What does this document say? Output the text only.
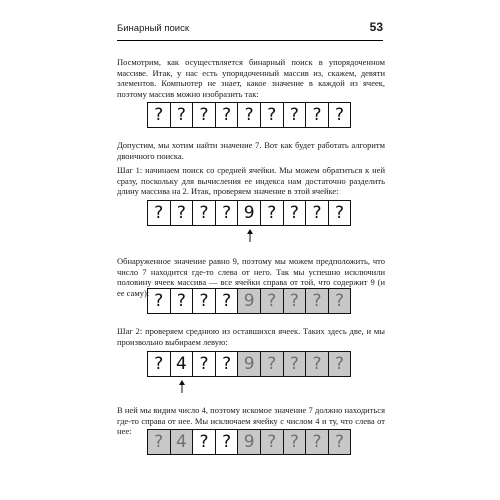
Бинарный поиск	53

Посмотрим, как осуществляется бинарный поиск в упорядоченном массиве. Итак, у нас есть упорядоченный массив из, скажем, девяти элементов. Компьютер не знает, какое значение в каждой из ячеек, поэтому массив можно изобразить так:

? ? ? ? ? ? ? ? ?

Допустим, мы хотим найти значение 7. Вот как будет работать алгоритм двоичного поиска.

Шаг 1: начинаем поиск со средней ячейки. Мы можем обратиться к ней сразу, поскольку для вычисления ее индекса нам достаточно разделить длину массива на 2. Итак, проверяем значение в этой ячейке:

? ? ? ? 9 ? ? ? ?

Обнаруженное значение равно 9, поэтому мы можем предположить, что число 7 находится где-то слева от него. Так мы успешно исключили половину ячеек массива — все ячейки справа от той, что содержит 9 (и ее саму): ? ? ? ? 9 ? ? ? ?

Шаг 2: проверяем среднюю из оставшихся ячеек. Таких здесь две, и мы произвольно выбираем левую:

? 4 ? ? 9 ? ? ? ?

В ней мы видим число 4, поэтому искомое значение 7 должно находиться где-то справа от нее. Мы исключаем ячейку с числом 4 и ту, что слева от нее:

? 4 ? ? 9 ? ? ? ?
